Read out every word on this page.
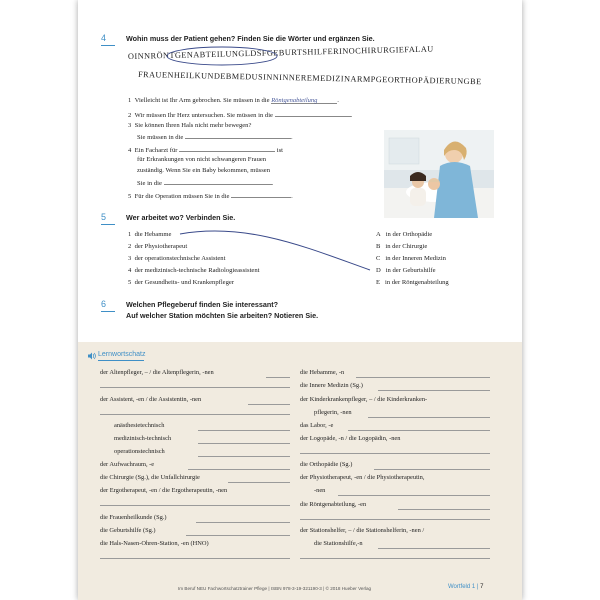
4	Wohin muss der Patient gehen? Finden Sie die Wörter und ergänzen Sie.
OINNRÖNTGENABTEILUNGLDSFGEBURTSHILFERINOCHIRURGIEFALAU
FRAUENHEILKUNDEBMEDUSINNINNEREMEDIZINARMPGEORTHOPÄDIERUNGBE
1 Vielleicht ist Ihr Arm gebrochen. Sie müssen in die Röntgenabteilung	.
2 Wir müssen Ihr Herz untersuchen. Sie müssen in die	.
3 Sie können Ihren Hals nicht mehr bewegen?
Sie müssen in die	.
4 Ein Facharzt für	ist
für Erkrankungen von nicht schwangeren Frauen
zuständig. Wenn Sie ein Baby bekommen, müssen
Sie in die	.
5 Für die Operation müssen Sie in die	.
5	Wer arbeitet wo? Verbinden Sie.
1 die Hebamme
2 der Physiotherapeut
3 der operationstechnische Assistent
4 der medizinisch-technische Radiologieassistent
5 der Gesundheits- und Krankenpfleger
A in der Orthopädie
B in der Chirurgie
C in der Inneren Medizin
D in der Geburtshilfe
E in der Röntgenabteilung
6	Welchen Pflegeberuf finden Sie interessant?
Auf welcher Station möchten Sie arbeiten? Notieren Sie.
Lernwortschatz
der Altenpfleger, – / die Altenpflegerin, -nen
der Assistent, -en / die Assistentin, -nen
anästhesietechnisch
medizinisch-technisch
operationstechnisch
der Aufwachraum, -e
die Chirurgie (Sg.), die Unfallchirurgie
der Ergotherapeut, -en / die Ergotherapeutin, -nen
die Frauenheilkunde (Sg.)
die Geburtshilfe (Sg.)
die Hals-Nasen-Ohren-Station, -en (HNO)
die Hebamme, -n
die Innere Medizin (Sg.)
der Kinderkrankenpfleger, – / die Kinderkranken-
pflegerin, -nen
das Labor, -e
der Logopäde, -n / die Logopädin, -nen
die Orthopädie (Sg.)
der Physiotherapeut, -en / die Physiotherapeutin,
-nen
die Röntgenabteilung, -en
der Stationshelfer, – / die Stationshelferin, -nen /
die Stationshilfe,-n
Im Beruf NEU Fachwortschatztrainer Pflege | ISBN 978-3-19-321190-3 | © 2018 Hueber Verlag	Wortfeld 1 | 7
